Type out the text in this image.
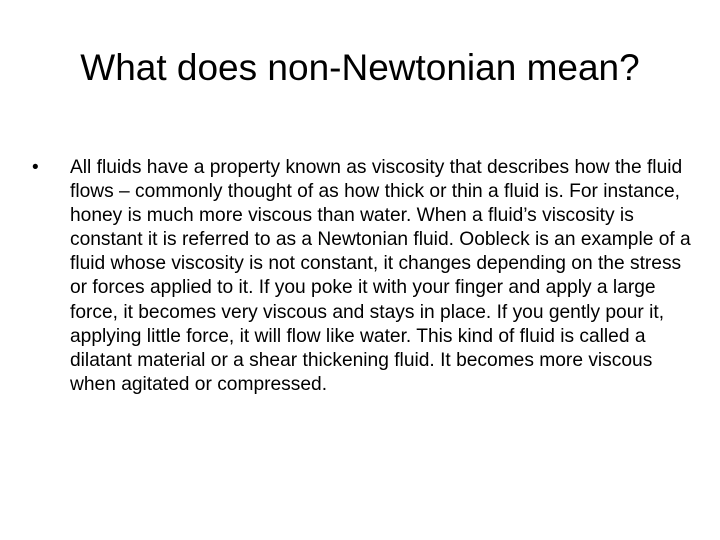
What does non-Newtonian mean?
•	All fluids have a property known as viscosity that describes how the fluid flows – commonly thought of as how thick or thin a fluid is. For instance, honey is much more viscous than water. When a fluid’s viscosity is constant it is referred to as a Newtonian fluid. Oobleck is an example of a fluid whose viscosity is not constant, it changes depending on the stress or forces applied to it. If you poke it with your finger and apply a large force, it becomes very viscous and stays in place. If you gently pour it, applying little force, it will flow like water. This kind of fluid is called a dilatant material or a shear thickening fluid. It becomes more viscous when agitated or compressed.
